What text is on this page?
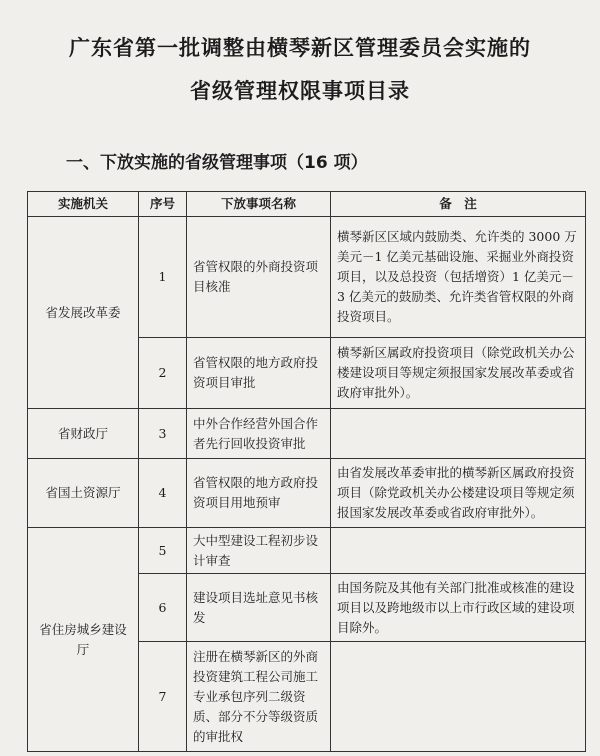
广东省第一批调整由横琴新区管理委员会实施的
省级管理权限事项目录
一、下放实施的省级管理事项（16 项）
实施机关	序号	下放事项名称	备　注
省发展改革委	1	省管权限的外商投资项目核准	横琴新区区域内鼓励类、允许类的 3000 万美元－1 亿美元基础设施、采掘业外商投资项目，以及总投资（包括增资）1 亿美元－3 亿美元的鼓励类、允许类省管权限的外商投资项目。
	2	省管权限的地方政府投资项目审批	横琴新区属政府投资项目（除党政机关办公楼建设项目等规定须报国家发展改革委或省政府审批外）。
省财政厅	3	中外合作经营外国合作者先行回收投资审批	
省国土资源厅	4	省管权限的地方政府投资项目用地预审	由省发展改革委审批的横琴新区属政府投资项目（除党政机关办公楼建设项目等规定须报国家发展改革委或省政府审批外）。
省住房城乡建设厅	5	大中型建设工程初步设计审查	
	6	建设项目选址意见书核发	由国务院及其他有关部门批准或核准的建设项目以及跨地级市以上市行政区域的建设项目除外。
	7	注册在横琴新区的外商投资建筑工程公司施工专业承包序列二级资质、部分不分等级资质的审批权	
